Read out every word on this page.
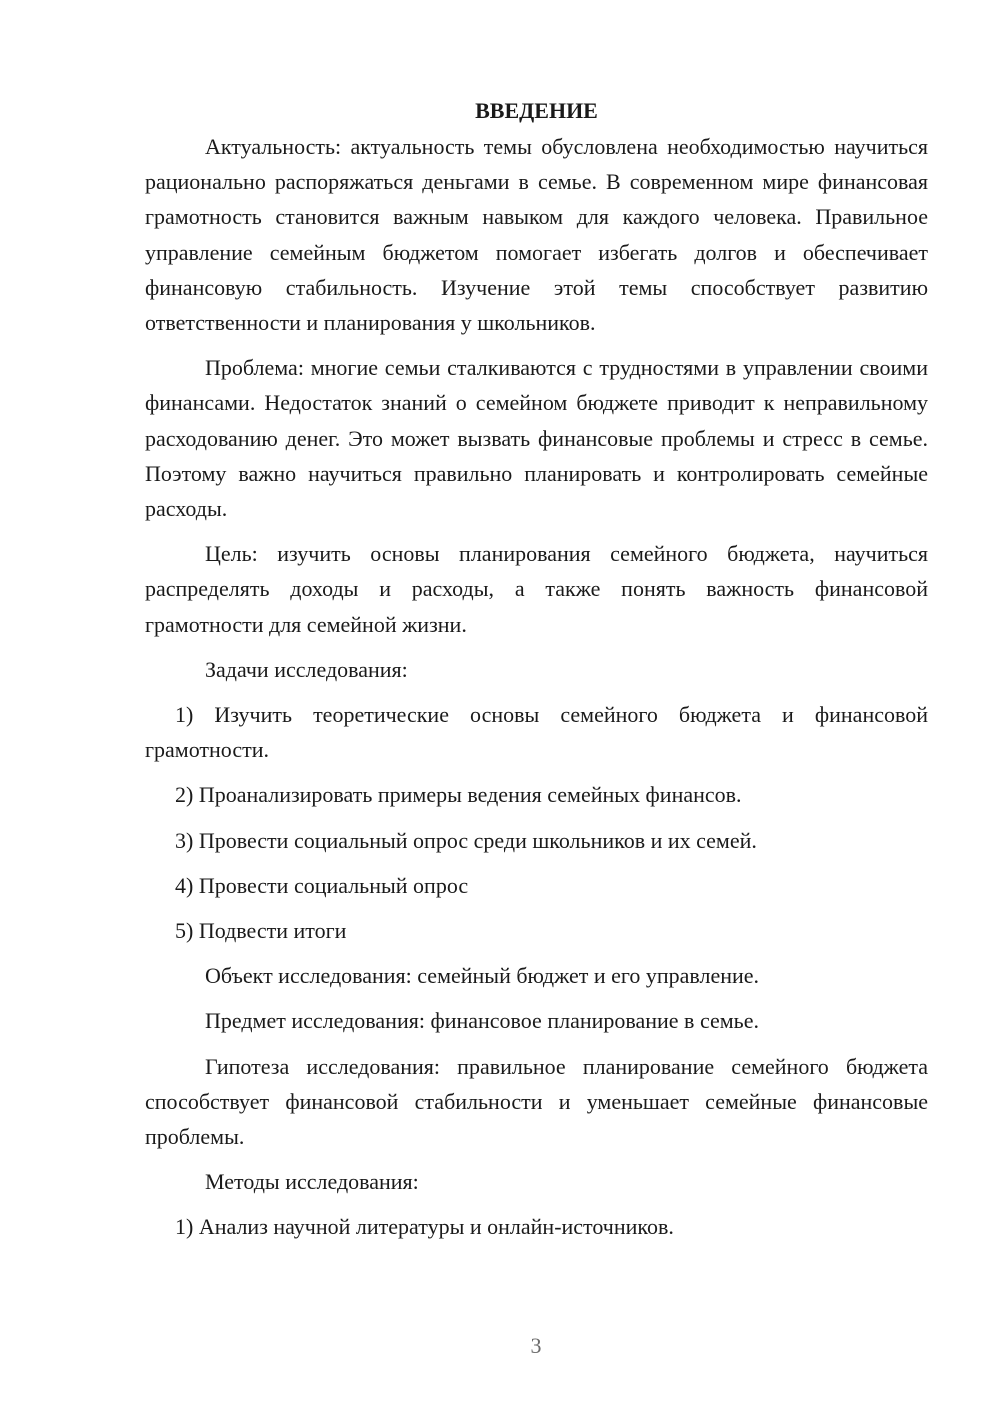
ВВЕДЕНИЕ

Актуальность: актуальность темы обусловлена необходимостью научиться рационально распоряжаться деньгами в семье. В современном мире финансовая грамотность становится важным навыком для каждого человека. Правильное управление семейным бюджетом помогает избегать долгов и обеспечивает финансовую стабильность. Изучение этой темы способствует развитию ответственности и планирования у школьников.

Проблема: многие семьи сталкиваются с трудностями в управлении своими финансами. Недостаток знаний о семейном бюджете приводит к неправильному расходованию денег. Это может вызвать финансовые проблемы и стресс в семье. Поэтому важно научиться правильно планировать и контролировать семейные расходы.

Цель: изучить основы планирования семейного бюджета, научиться распределять доходы и расходы, а также понять важность финансовой грамотности для семейной жизни.

Задачи исследования:

1) Изучить теоретические основы семейного бюджета и финансовой грамотности.

2) Проанализировать примеры ведения семейных финансов.

3) Провести социальный опрос среди школьников и их семей.

4) Провести социальный опрос

5) Подвести итоги

Объект исследования: семейный бюджет и его управление.

Предмет исследования: финансовое планирование в семье.

Гипотеза исследования: правильное планирование семейного бюджета способствует финансовой стабильности и уменьшает семейные финансовые проблемы.

Методы исследования:

1) Анализ научной литературы и онлайн-источников.

3
